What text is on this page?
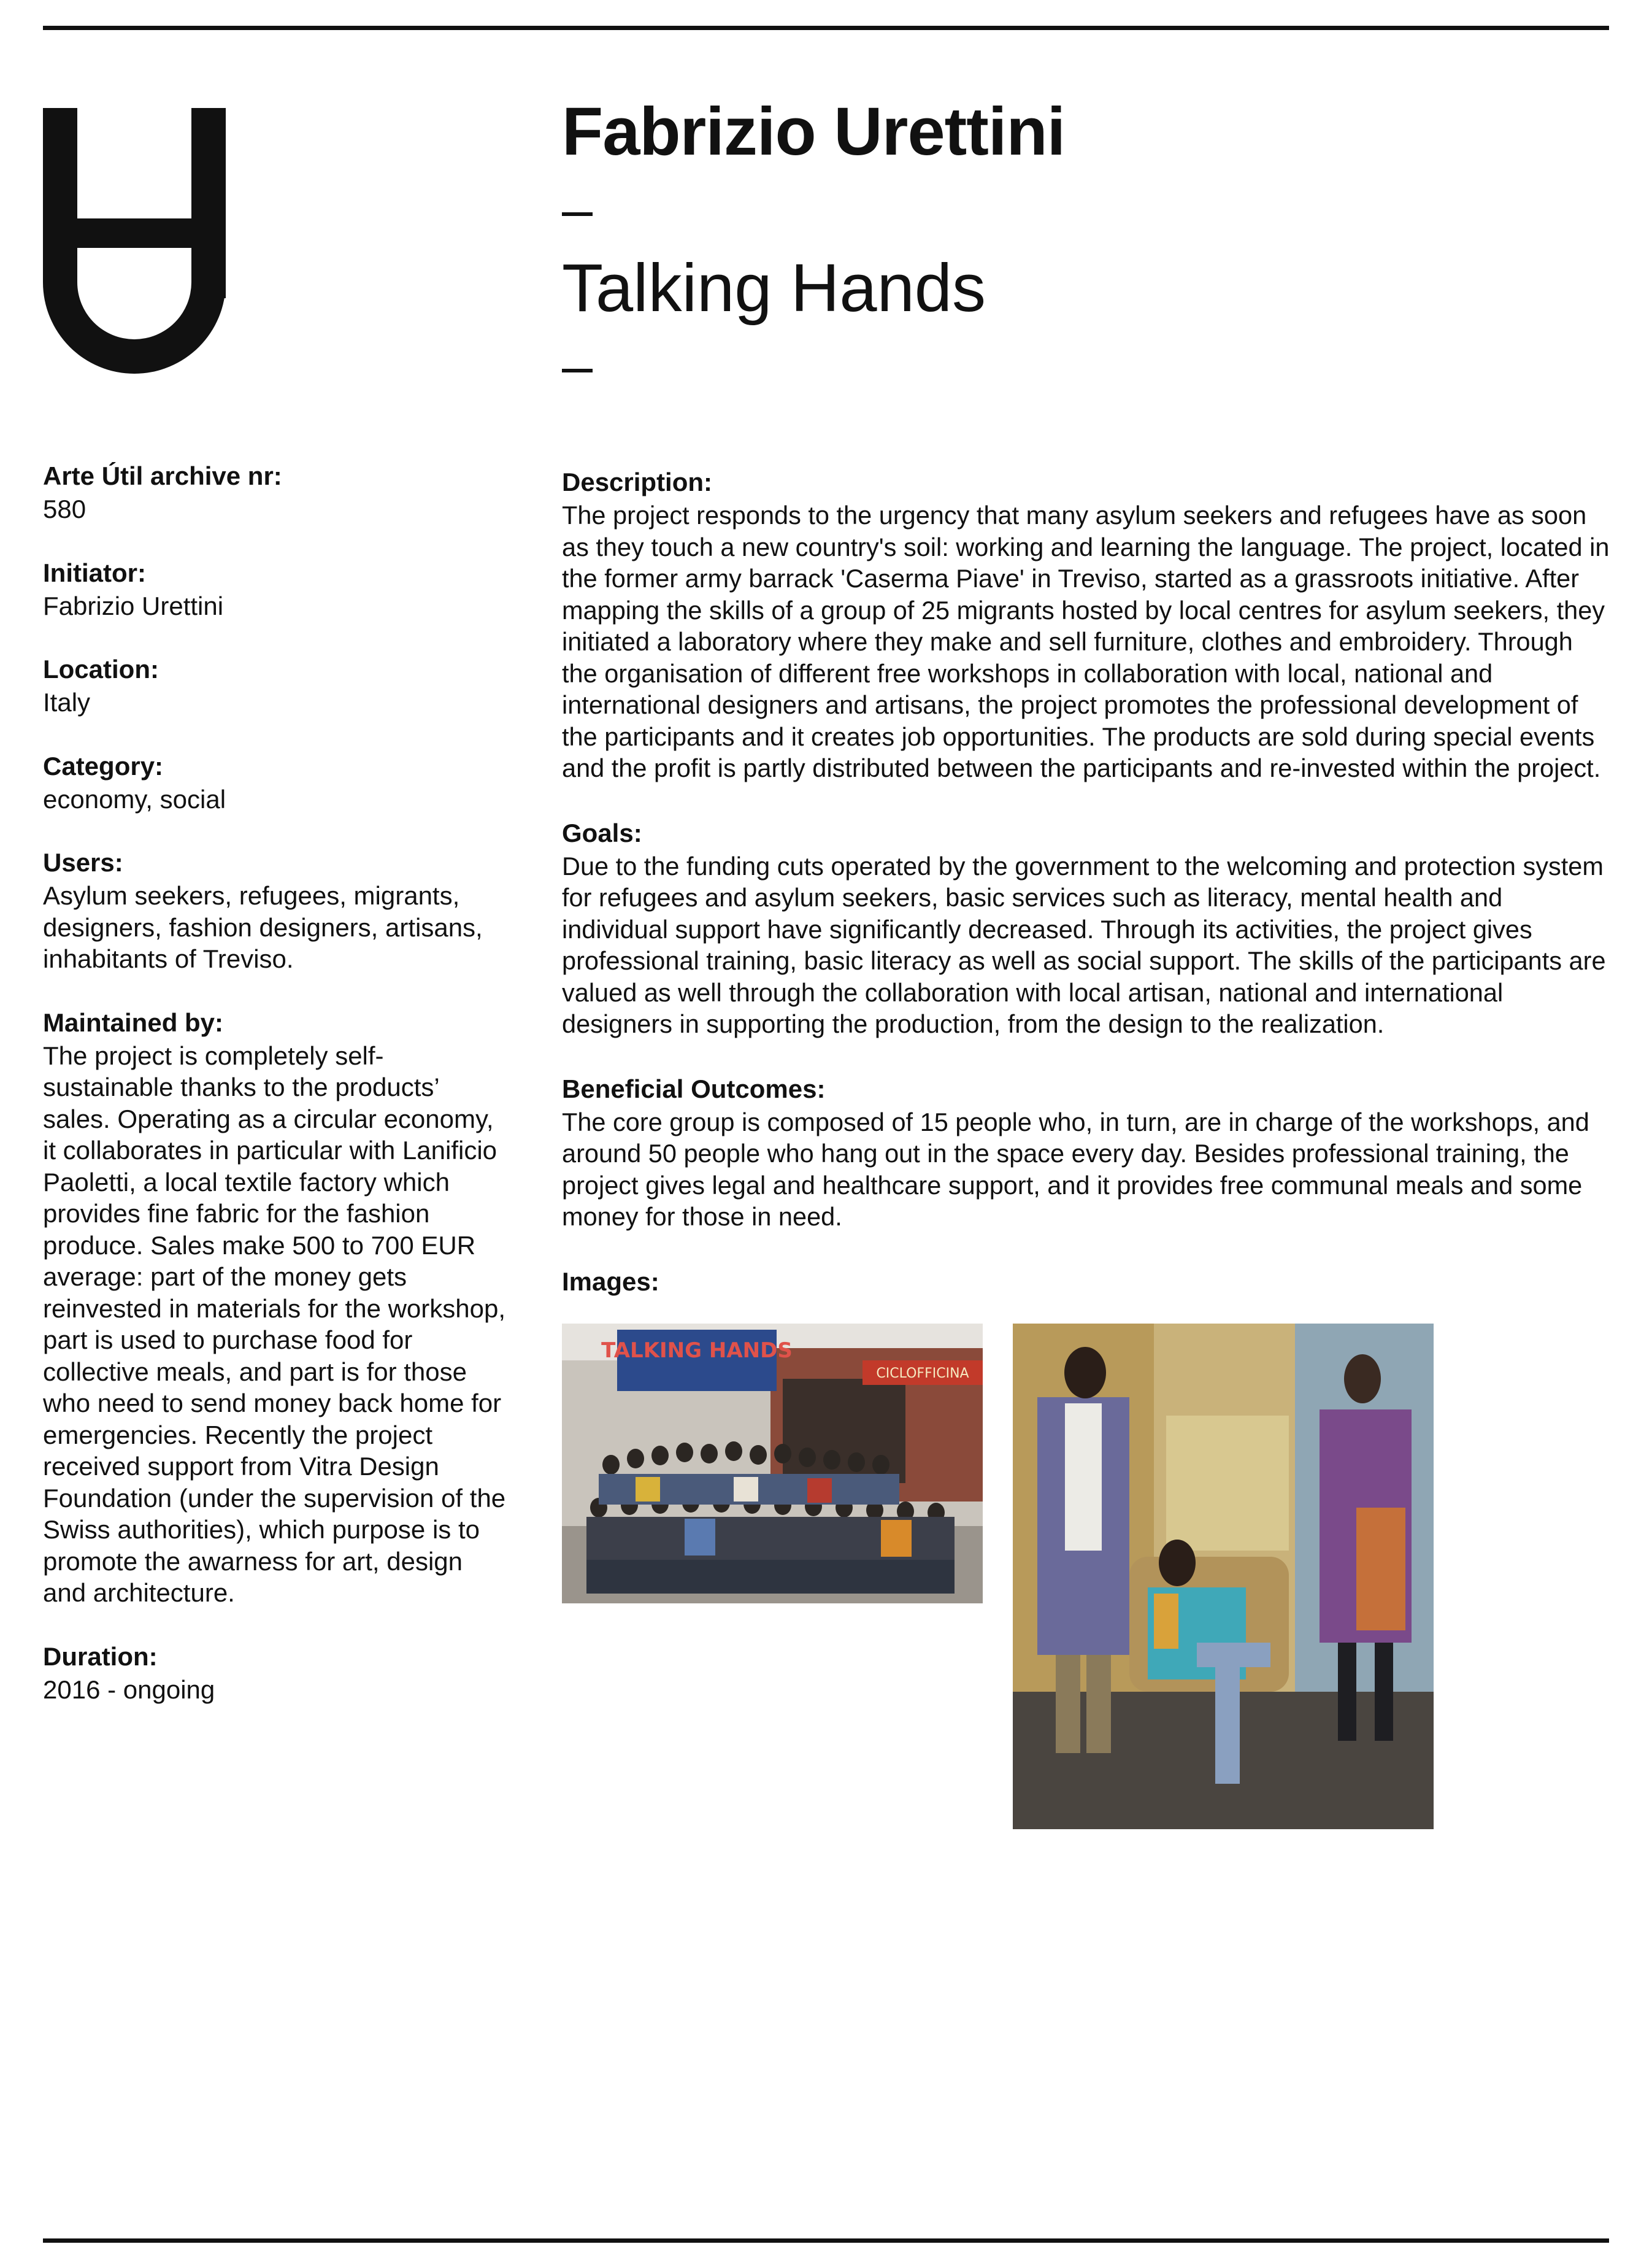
Fabrizio Urettini
–
Talking Hands
–
Arte Útil archive nr:
580
Initiator:
Fabrizio Urettini
Location:
Italy
Category:
economy, social
Users:
Asylum seekers, refugees, migrants, designers, fashion designers, artisans, inhabitants of Treviso.
Maintained by:
The project is completely self-sustainable thanks to the products’ sales. Operating as a circular economy, it collaborates in particular with Lanificio Paoletti, a local textile factory which provides fine fabric for the fashion produce. Sales make 500 to 700 EUR average: part of the money gets reinvested in materials for the workshop, part is used to purchase food for collective meals, and part is for those who need to send money back home for emergencies. Recently the project received support from Vitra Design Foundation (under the supervision of the Swiss authorities), which purpose is to promote the awarness for art, design and architecture.
Duration:
2016 - ongoing
Description:
The project responds to the urgency that many asylum seekers and refugees have as soon as they touch a new country's soil: working and learning the language. The project, located in the former army barrack 'Caserma Piave' in Treviso, started as a grassroots initiative. After mapping the skills of a group of 25 migrants hosted by local centres for asylum seekers, they initiated a laboratory where they make and sell furniture, clothes and embroidery. Through the organisation of different free workshops in collaboration with local, national and international designers and artisans, the project promotes the professional development of the participants and it creates job opportunities. The products are sold during special events and the profit is partly distributed between the participants and re-invested within the project.
Goals:
Due to the funding cuts operated by the government to the welcoming and protection system for refugees and asylum seekers, basic services such as literacy, mental health and individual support have significantly decreased. Through its activities, the project gives professional training, basic literacy as well as social support. The skills of the participants are valued as well through the collaboration with local artisan, national and international designers in supporting the production, from the design to the realization.
Beneficial Outcomes:
The core group is composed of 15 people who, in turn, are in charge of the workshops, and around 50 people who hang out in the space every day. Besides professional training, the project gives legal and healthcare support, and it provides free communal meals and some money for those in need.
Images:
TALKING HANDS
CICLOFFICINA
